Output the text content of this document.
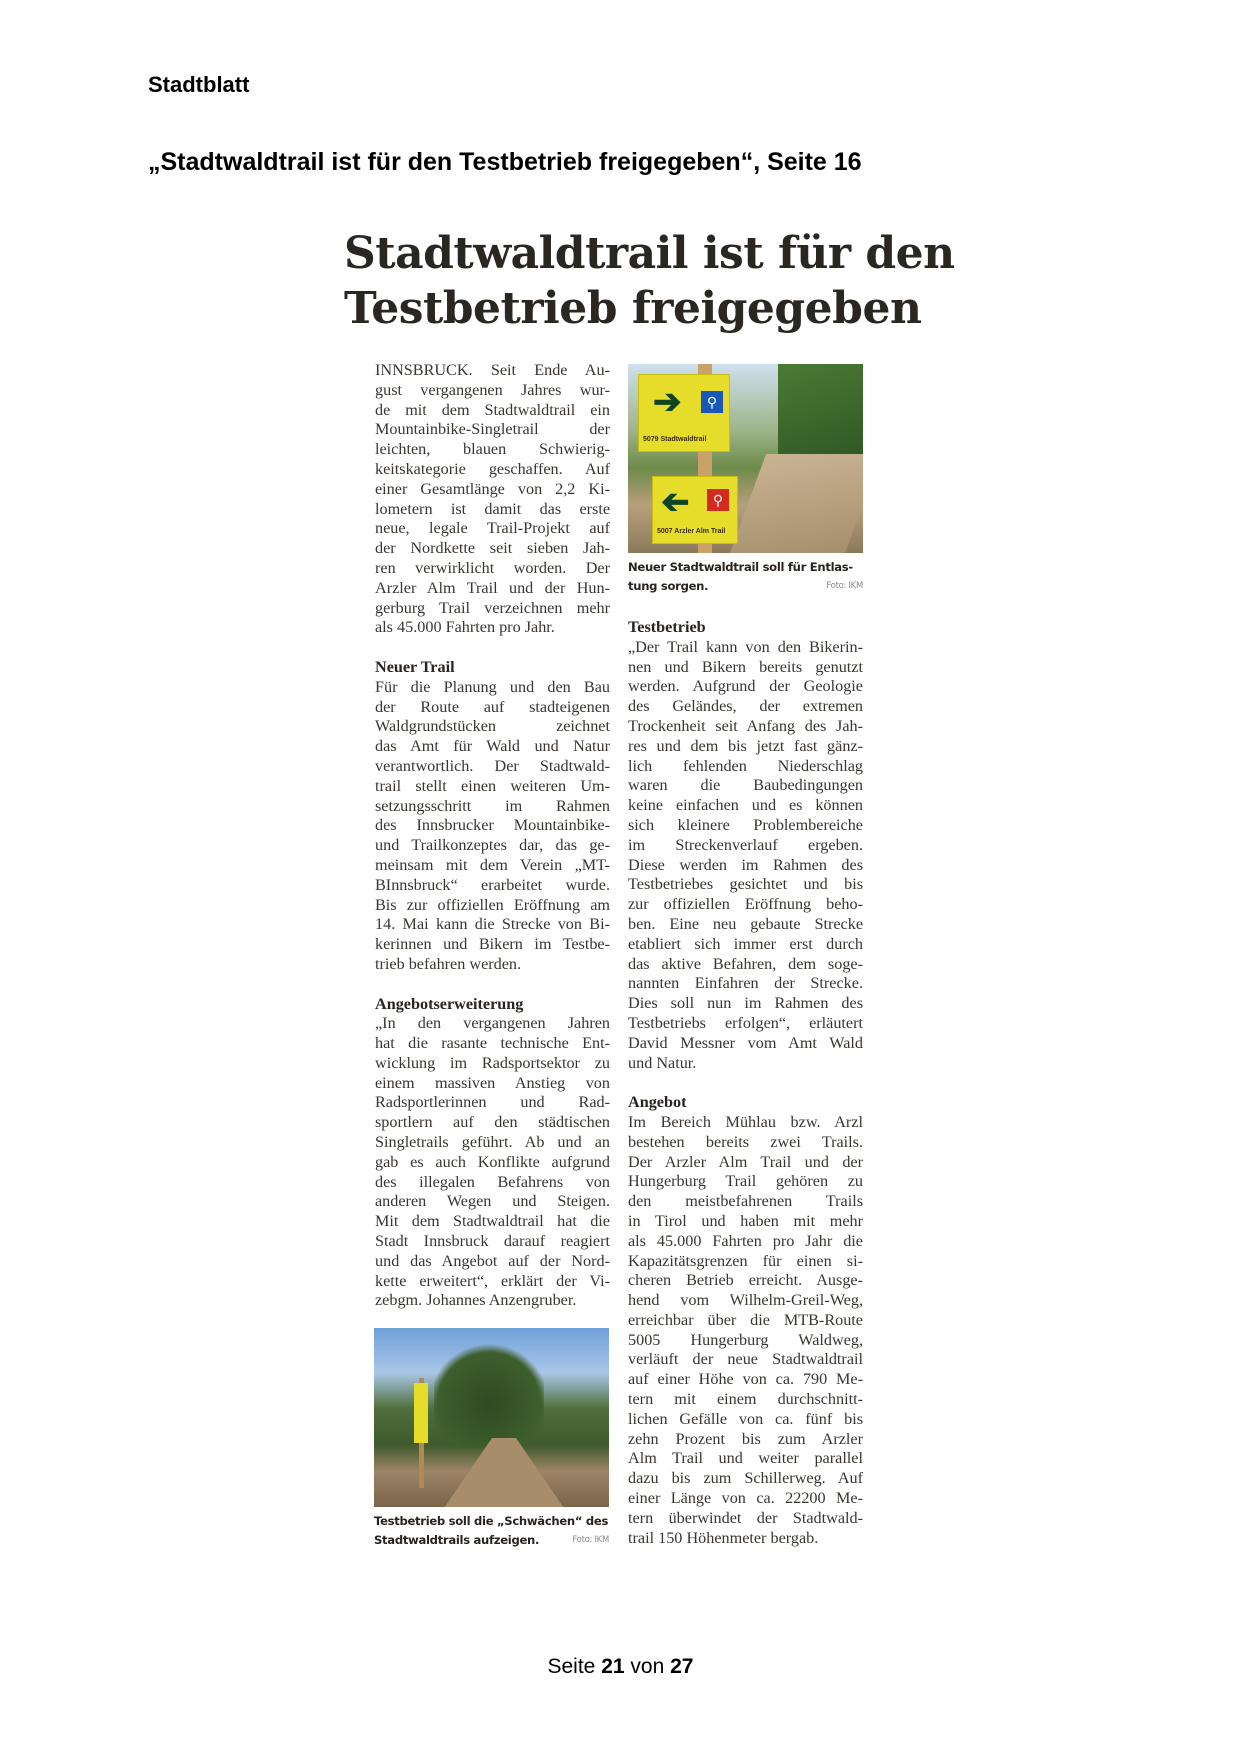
Stadtblatt
„Stadtwaldtrail ist für den Testbetrieb freigegeben“, Seite 16
Stadtwaldtrail ist für den
Testbetrieb freigegeben
INNSBRUCK. Seit Ende Au-
gust vergangenen Jahres wur-
de mit dem Stadtwaldtrail ein
Mountainbike-Singletrail der
leichten, blauen Schwierig-
keitskategorie geschaffen. Auf
einer Gesamtlänge von 2,2 Ki-
lometern ist damit das erste
neue, legale Trail-Projekt auf
der Nordkette seit sieben Jah-
ren verwirklicht worden. Der
Arzler Alm Trail und der Hun-
gerburg Trail verzeichnen mehr
als 45.000 Fahrten pro Jahr.
Neuer Trail
Für die Planung und den Bau
der Route auf stadteigenen
Waldgrundstücken zeichnet
das Amt für Wald und Natur
verantwortlich. Der Stadtwald-
trail stellt einen weiteren Um-
setzungsschritt im Rahmen
des Innsbrucker Mountainbike-
und Trailkonzeptes dar, das ge-
meinsam mit dem Verein „MT-
BInnsbruck“ erarbeitet wurde.
Bis zur offiziellen Eröffnung am
14. Mai kann die Strecke von Bi-
kerinnen und Bikern im Testbe-
trieb befahren werden.
Angebotserweiterung
„In den vergangenen Jahren
hat die rasante technische Ent-
wicklung im Radsportsektor zu
einem massiven Anstieg von
Radsportlerinnen und Rad-
sportlern auf den städtischen
Singletrails geführt. Ab und an
gab es auch Konflikte aufgrund
des illegalen Befahrens von
anderen Wegen und Steigen.
Mit dem Stadtwaldtrail hat die
Stadt Innsbruck darauf reagiert
und das Angebot auf der Nord-
kette erweitert“, erklärt der Vi-
zebgm. Johannes Anzengruber.
➔	⚲
5079 Stadtwaldtrail
➔	⚲
5007 Arzler Alm Trail
Neuer Stadtwaldtrail soll für Entlas-
tung sorgen.	Foto: IKM
Testbetrieb
„Der Trail kann von den Bikerin-
nen und Bikern bereits genutzt
werden. Aufgrund der Geologie
des Geländes, der extremen
Trockenheit seit Anfang des Jah-
res und dem bis jetzt fast gänz-
lich fehlenden Niederschlag
waren die Baubedingungen
keine einfachen und es können
sich kleinere Problembereiche
im Streckenverlauf ergeben.
Diese werden im Rahmen des
Testbetriebes gesichtet und bis
zur offiziellen Eröffnung beho-
ben. Eine neu gebaute Strecke
etabliert sich immer erst durch
das aktive Befahren, dem soge-
nannten Einfahren der Strecke.
Dies soll nun im Rahmen des
Testbetriebs erfolgen“, erläutert
David Messner vom Amt Wald
und Natur.
Angebot
Im Bereich Mühlau bzw. Arzl
bestehen bereits zwei Trails.
Der Arzler Alm Trail und der
Hungerburg Trail gehören zu
den meistbefahrenen Trails
in Tirol und haben mit mehr
als 45.000 Fahrten pro Jahr die
Kapazitätsgrenzen für einen si-
cheren Betrieb erreicht. Ausge-
hend vom Wilhelm-Greil-Weg,
erreichbar über die MTB-Route
5005 Hungerburg Waldweg,
verläuft der neue Stadtwaldtrail
auf einer Höhe von ca. 790 Me-
tern mit einem durchschnitt-
lichen Gefälle von ca. fünf bis
zehn Prozent bis zum Arzler
Alm Trail und weiter parallel
dazu bis zum Schillerweg. Auf
einer Länge von ca. 22200 Me-
tern überwindet der Stadtwald-
trail 150 Höhenmeter bergab.
Testbetrieb soll die „Schwächen“ des
Stadtwaldtrails aufzeigen.	Foto: IKM
Seite 21 von 27
